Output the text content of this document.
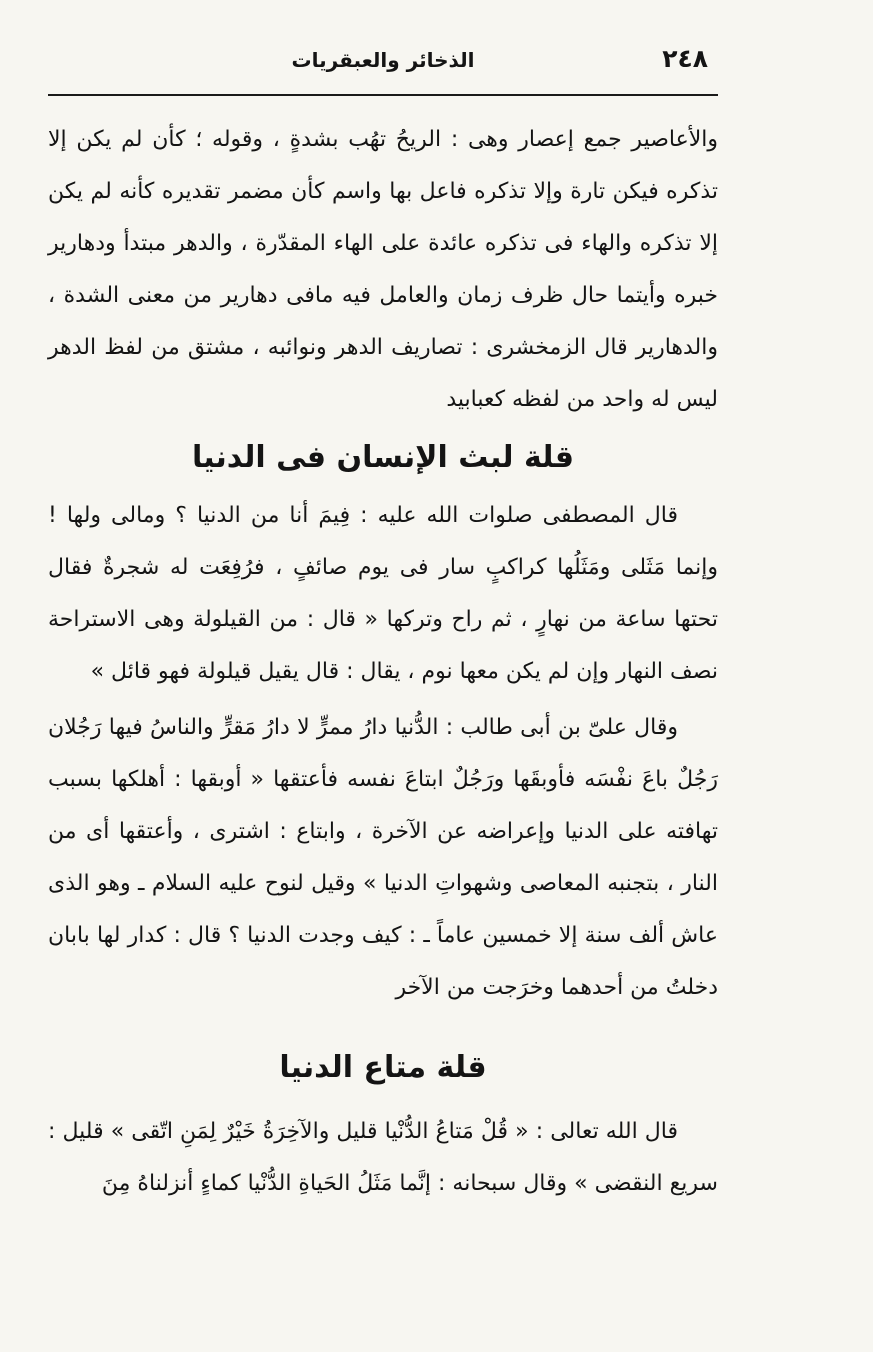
٢٤٨
الذخائر والعبقريات

والأعاصير جمع إعصار وهى : الريحُ تهُب بشدةٍ ، وقوله ؛ كأن لم يكن إلا تذكره فيكن تارة وإلا تذكره فاعل بها واسم كأن مضمر تقديره كأنه لم يكن إلا تذكره والهاء فى تذكره عائدة على الهاء المقدّرة ، والدهر مبتدأ ودهارير خبره وأيتما حال ظرف زمان والعامل فيه مافى دهارير من معنى الشدة ، والدهارير قال الزمخشرى : تصاريف الدهر ونوائبه ، مشتق من لفظ الدهر ليس له واحد من لفظه كعبابيد

قلة لبث الإنسان فى الدنيا

قال المصطفى صلوات الله عليه : فِيمَ أنا من الدنيا ؟ ومالى ولها ! وإنما مَثَلى ومَثَلُها كراكبٍ سار فى يوم صائفٍ ، فرُفِعَت له شجرةٌ فقال تحتها ساعة من نهارٍ ، ثم راح وتركها « قال : من القيلولة وهى الاستراحة نصف النهار وإن لم يكن معها نوم ، يقال : قال يقيل قيلولة فهو قائل »

وقال علىّ بن أبى طالب : الدُّنيا دارُ ممرٍّ لا دارُ مَقرٍّ والناسُ فيها رَجُلان رَجُلٌ باعَ نفْسَه فأوبقَها ورَجُلٌ ابتاعَ نفسه فأعتقها « أوبقها : أهلكها بسبب تهافته على الدنيا وإعراضه عن الآخرة ، وابتاع : اشترى ، وأعتقها أى من النار ، بتجنبه المعاصى وشهواتِ الدنيا » وقيل لنوح عليه السلام ـ وهو الذى عاش ألف سنة إلا خمسين عاماً ـ : كيف وجدت الدنيا ؟ قال : كدار لها بابان دخلتُ من أحدهما وخرَجت من الآخر

قلة متاع الدنيا

قال الله تعالى : « قُلْ مَتاعُ الدُّنْيا قليل والآخِرَةُ خَيْرٌ لِمَنِ اتّقى » قليل : سريع النقضى » وقال سبحانه : إنَّما مَثَلُ الحَياةِ الدُّنْيا كماءٍ أنزلناهُ مِنَ
